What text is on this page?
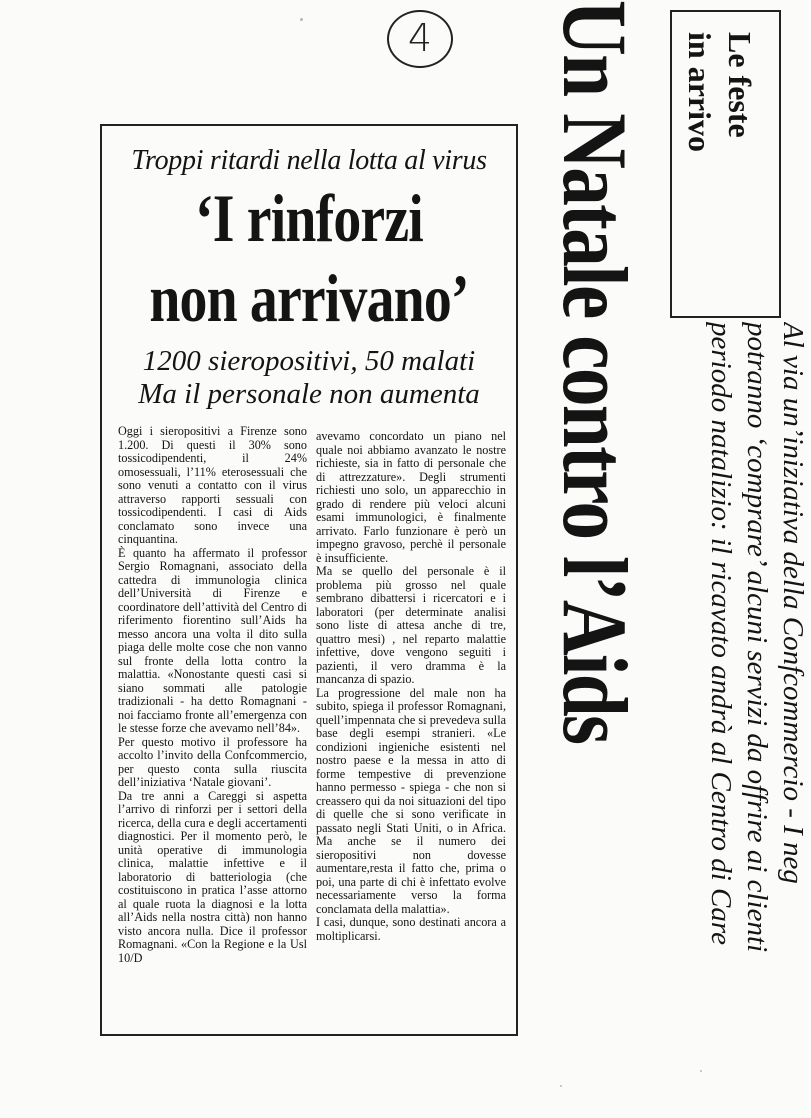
4
Troppi ritardi nella lotta al virus
‘I rinforzi
non arrivano’
1200 sieropositivi, 50 malati
Ma il personale non aumenta

Oggi i sieropositivi a Firenze sono 1.200. Di questi il 30% sono tossicodipendenti, il 24% omosessuali, l’11% eterosessuali che sono venuti a contatto con il virus attraverso rapporti sessuali con tossicodipendenti. I casi di Aids conclamato sono invece una cinquantina.

È quanto ha affermato il professor Sergio Romagnani, associato della cattedra di immunologia clinica dell’Università di Firenze e coordinatore dell’attività del Centro di riferimento fiorentino sull’Aids ha messo ancora una volta il dito sulla piaga delle molte cose che non vanno sul fronte della lotta contro la malattia. «Nonostante questi casi si siano sommati alle patologie tradizionali - ha detto Romagnani - noi facciamo fronte all’emergenza con le stesse forze che avevamo nell’84».

Per questo motivo il professore ha accolto l’invito della Confcommercio, per questo conta sulla riuscita dell’iniziativa ‘Natale giovani’.

Da tre anni a Careggi si aspetta l’arrivo di rinforzi per i settori della ricerca, della cura e degli accertamenti diagnostici. Per il momento però, le unità operative di immunologia clinica, malattie infettive e il laboratorio di batteriologia (che costituiscono in pratica l’asse attorno al quale ruota la diagnosi e la lotta all’Aids nella nostra città) non hanno visto ancora nulla. Dice il professor Romagnani. «Con la Regione e la Usl 10/D

avevamo concordato un piano nel quale noi abbiamo avanzato le nostre richieste, sia in fatto di personale che di attrezzature». Degli strumenti richiesti uno solo, un apparecchio in grado di rendere più veloci alcuni esami immunologici, è finalmente arrivato. Farlo funzionare è però un impegno gravoso, perchè il personale è insufficiente.

Ma se quello del personale è il problema più grosso nel quale sembrano dibattersi i ricercatori e i laboratori (per determinate analisi sono liste di attesa anche di tre, quattro mesi) , nel reparto malattie infettive, dove vengono seguiti i pazienti, il vero dramma è la mancanza di spazio.

La progressione del male non ha subito, spiega il professor Romagnani, quell’impennata che si prevedeva sulla base degli esempi stranieri. «Le condizioni ingieniche esistenti nel nostro paese e la messa in atto di forme tempestive di prevenzione hanno permesso - spiega - che non si creassero qui da noi situazioni del tipo di quelle che si sono verificate in passato negli Stati Uniti, o in Africa. Ma anche se il numero dei sieropositivi non dovesse aumentare,resta il fatto che, prima o poi, una parte di chi è infettato evolve necessariamente verso la forma conclamata della malattia».

I casi, dunque, sono destinati ancora a moltiplicarsi.

Un Natale contro l’Aids Le feste
in arrivo
Al via un’iniziativa della Confcommercio - I neg
potranno ‘comprare’ alcuni servizi da offrire ai clienti
periodo natalizio: il ricavato andrà al Centro di Care
